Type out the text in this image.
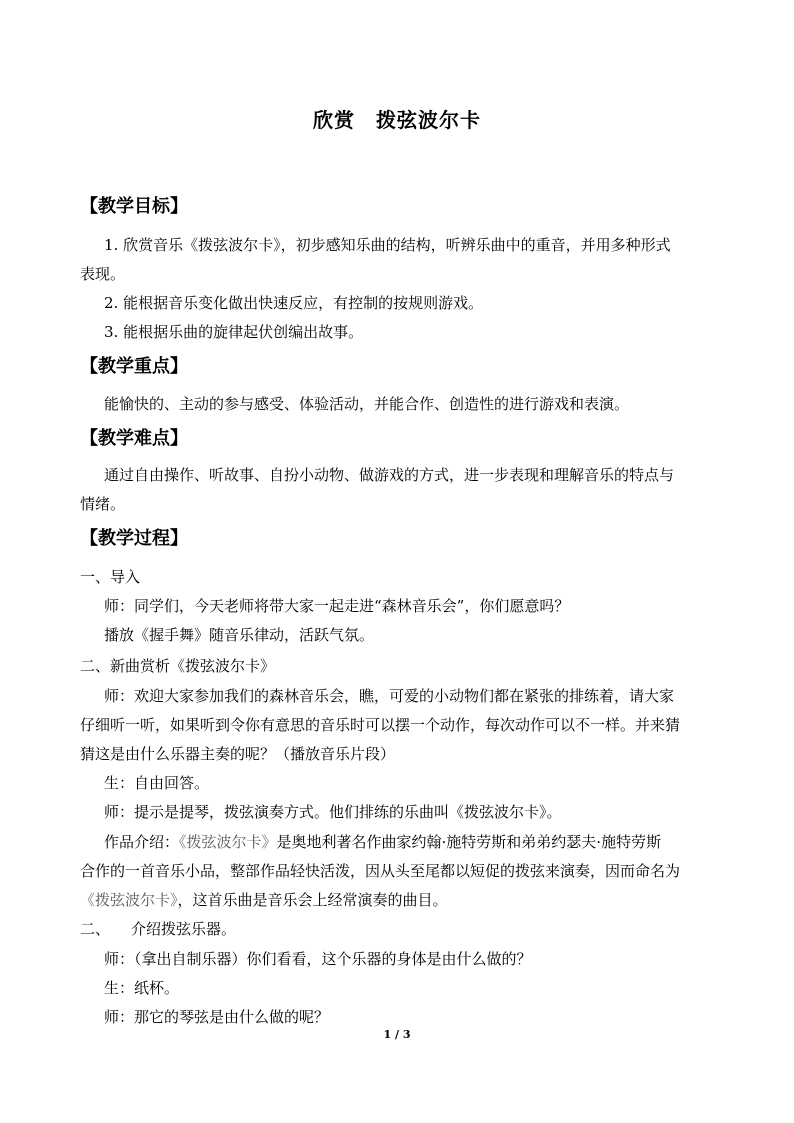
欣赏　拨弦波尔卡
【教学目标】
1. 欣赏音乐《拨弦波尔卡》，初步感知乐曲的结构，听辨乐曲中的重音，并用多种形式
表现。
2. 能根据音乐变化做出快速反应，有控制的按规则游戏。
3. 能根据乐曲的旋律起伏创编出故事。
【教学重点】
能愉快的、主动的参与感受、体验活动，并能合作、创造性的进行游戏和表演。
【教学难点】
通过自由操作、听故事、自扮小动物、做游戏的方式，进一步表现和理解音乐的特点与
情绪。
【教学过程】
一、导入
师：同学们，今天老师将带大家一起走进“森林音乐会”，你们愿意吗？
播放《握手舞》随音乐律动，活跃气氛。
二、新曲赏析《拨弦波尔卡》
师：欢迎大家参加我们的森林音乐会，瞧，可爱的小动物们都在紧张的排练着，请大家
仔细听一听，如果听到令你有意思的音乐时可以摆一个动作，每次动作可以不一样。并来猜
猜这是由什么乐器主奏的呢？（播放音乐片段）
生：自由回答。
师：提示是提琴，拨弦演奏方式。他们排练的乐曲叫《拨弦波尔卡》。
作品介绍：《拨弦波尔卡》是奥地利著名作曲家约翰·施特劳斯和弟弟约瑟夫·施特劳斯
合作的一首音乐小品，整部作品轻快活泼，因从头至尾都以短促的拨弦来演奏，因而命名为
《拨弦波尔卡》，这首乐曲是音乐会上经常演奏的曲目。
二、 介绍拨弦乐器。
师：（拿出自制乐器）你们看看，这个乐器的身体是由什么做的？
生：纸杯。
师：那它的琴弦是由什么做的呢？
1 / 3
